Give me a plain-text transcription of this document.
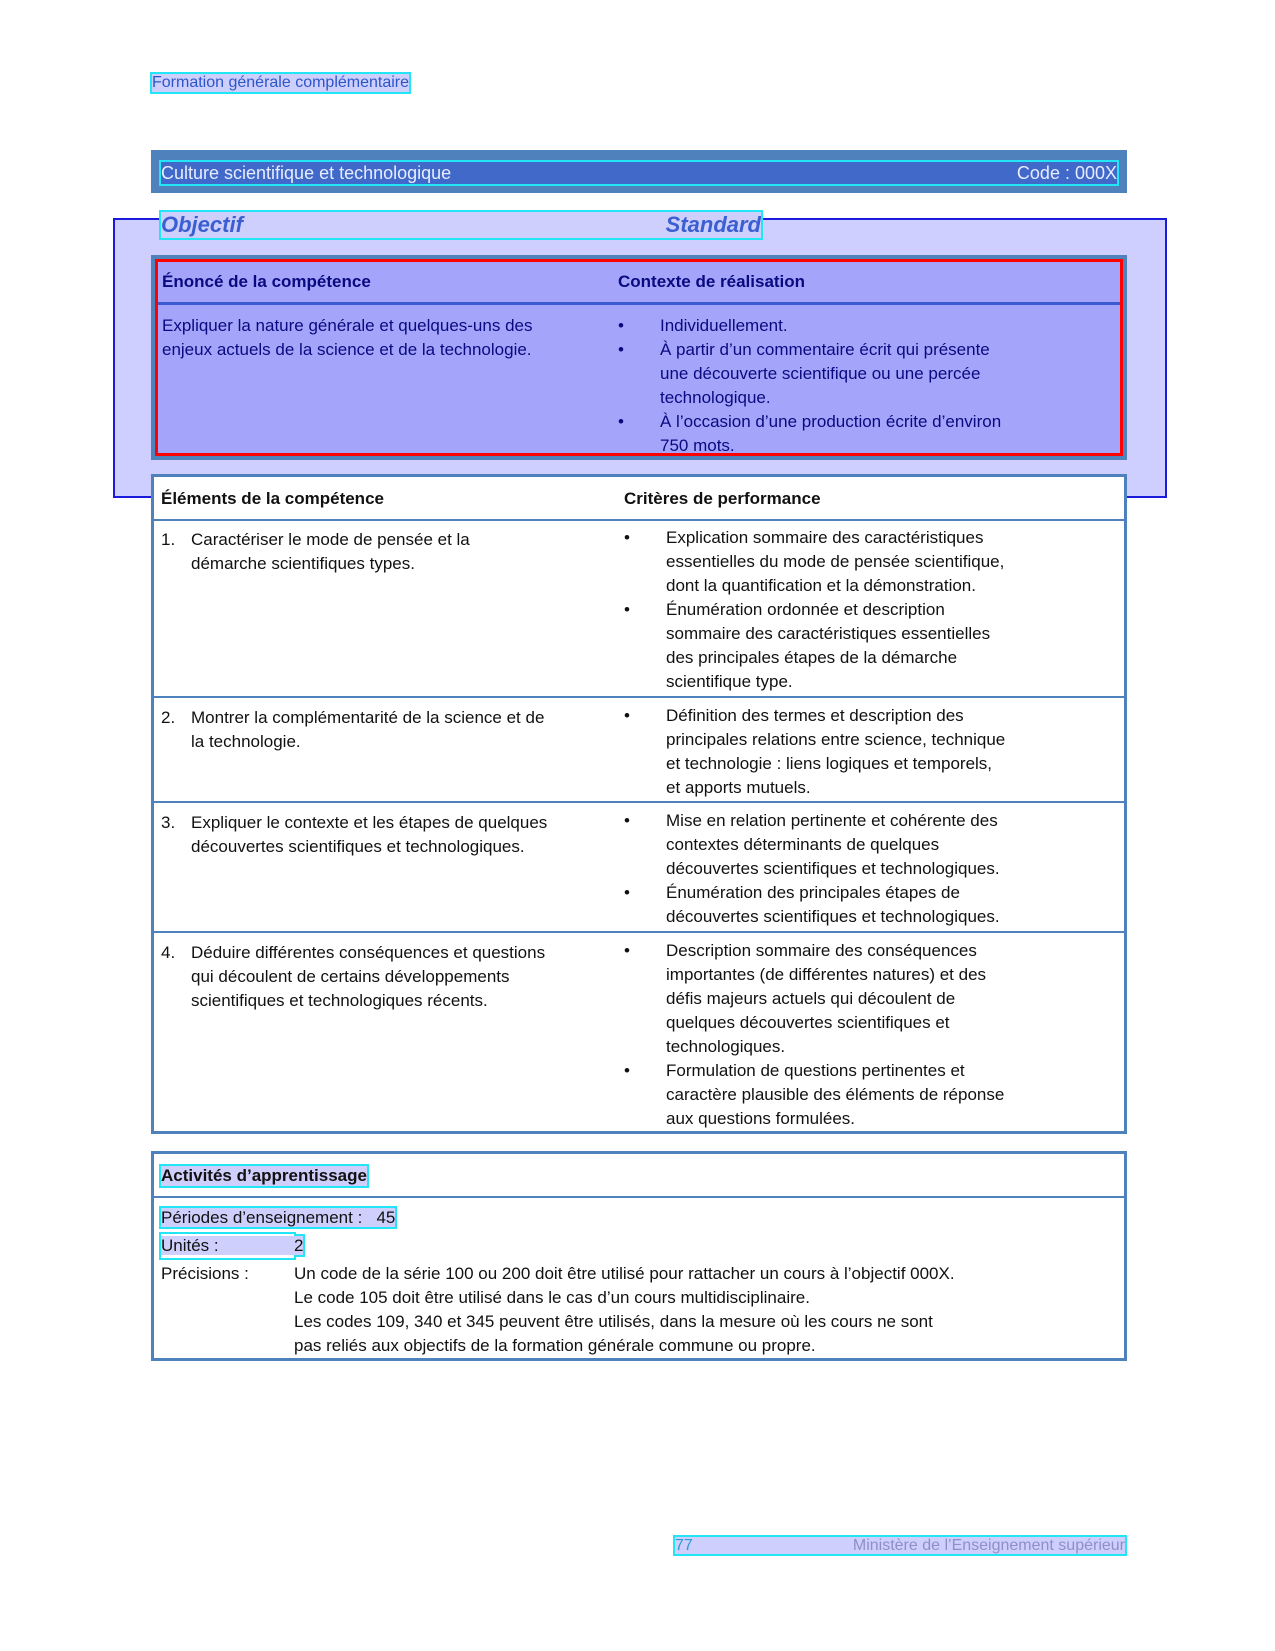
Formation générale complémentaire
Culture scientifique et technologique	Code : 000X
Objectif	Standard
Énoncé de la compétence	Contexte de réalisation
Expliquer la nature générale et quelques-uns des
enjeux actuels de la science et de la technologie.
•	Individuellement.
•	À partir d’un commentaire écrit qui présente
une découverte scientifique ou une percée
technologique.
•	À l’occasion d’une production écrite d’environ
750 mots.
Éléments de la compétence	Critères de performance
1. Caractériser le mode de pensée et la
démarche scientifiques types.
•	Explication sommaire des caractéristiques
essentielles du mode de pensée scientifique,
dont la quantification et la démonstration.
•	Énumération ordonnée et description
sommaire des caractéristiques essentielles
des principales étapes de la démarche
scientifique type.
2. Montrer la complémentarité de la science et de
la technologie.
•	Définition des termes et description des
principales relations entre science, technique
et technologie : liens logiques et temporels,
et apports mutuels.
3. Expliquer le contexte et les étapes de quelques
découvertes scientifiques et technologiques.
•	Mise en relation pertinente et cohérente des
contextes déterminants de quelques
découvertes scientifiques et technologiques.
•	Énumération des principales étapes de
découvertes scientifiques et technologiques.
4. Déduire différentes conséquences et questions
qui découlent de certains développements
scientifiques et technologiques récents.
•	Description sommaire des conséquences
importantes (de différentes natures) et des
défis majeurs actuels qui découlent de
quelques découvertes scientifiques et
technologiques.
•	Formulation de questions pertinentes et
caractère plausible des éléments de réponse
aux questions formulées.
Activités d’apprentissage
Périodes d’enseignement : 45
Unités :	2
Précisions :	Un code de la série 100 ou 200 doit être utilisé pour rattacher un cours à l’objectif 000X.
Le code 105 doit être utilisé dans le cas d’un cours multidisciplinaire.
Les codes 109, 340 et 345 peuvent être utilisés, dans la mesure où les cours ne sont
pas reliés aux objectifs de la formation générale commune ou propre.
77	Ministère de l’Enseignement supérieur
